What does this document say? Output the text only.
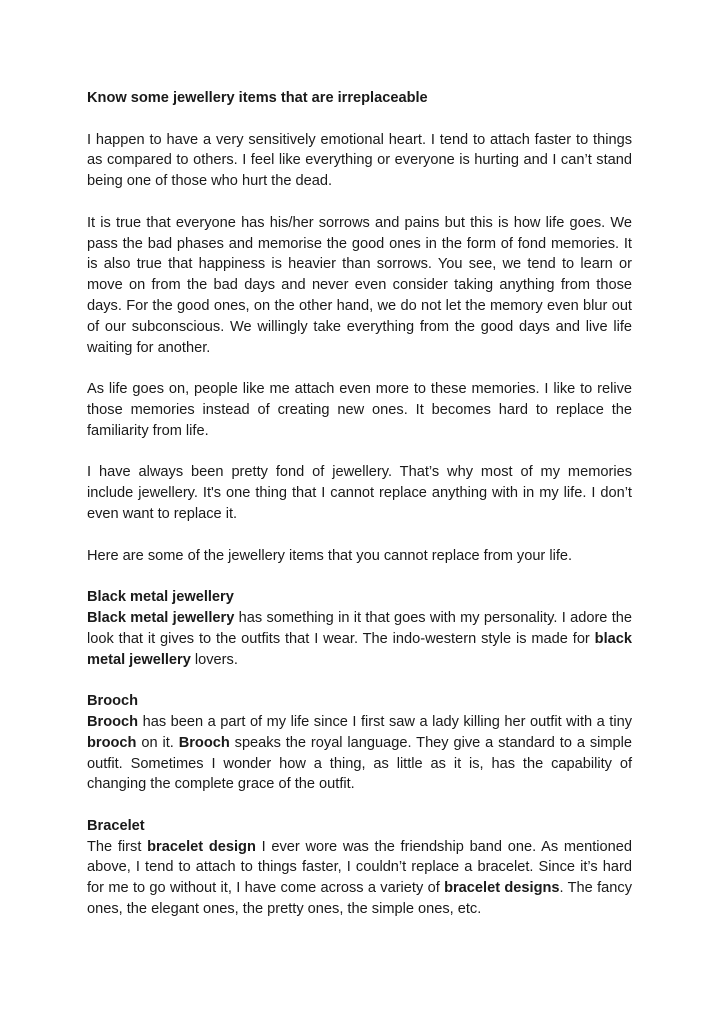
Know some jewellery items that are irreplaceable

I happen to have a very sensitively emotional heart. I tend to attach faster to things as compared to others. I feel like everything or everyone is hurting and I can’t stand being one of those who hurt the dead.

It is true that everyone has his/her sorrows and pains but this is how life goes. We pass the bad phases and memorise the good ones in the form of fond memories. It is also true that happiness is heavier than sorrows. You see, we tend to learn or move on from the bad days and never even consider taking anything from those days. For the good ones, on the other hand, we do not let the memory even blur out of our subconscious. We willingly take everything from the good days and live life waiting for another.

As life goes on, people like me attach even more to these memories. I like to relive those memories instead of creating new ones. It becomes hard to replace the familiarity from life.

I have always been pretty fond of jewellery. That’s why most of my memories include jewellery. It's one thing that I cannot replace anything with in my life. I don’t even want to replace it.

Here are some of the jewellery items that you cannot replace from your life.

Black metal jewellery
Black metal jewellery has something in it that goes with my personality. I adore the look that it gives to the outfits that I wear. The indo-western style is made for black metal jewellery lovers.

Brooch
Brooch has been a part of my life since I first saw a lady killing her outfit with a tiny brooch on it. Brooch speaks the royal language. They give a standard to a simple outfit. Sometimes I wonder how a thing, as little as it is, has the capability of changing the complete grace of the outfit.

Bracelet
The first bracelet design I ever wore was the friendship band one. As mentioned above, I tend to attach to things faster, I couldn’t replace a bracelet. Since it’s hard for me to go without it, I have come across a variety of bracelet designs. The fancy ones, the elegant ones, the pretty ones, the simple ones, etc.
